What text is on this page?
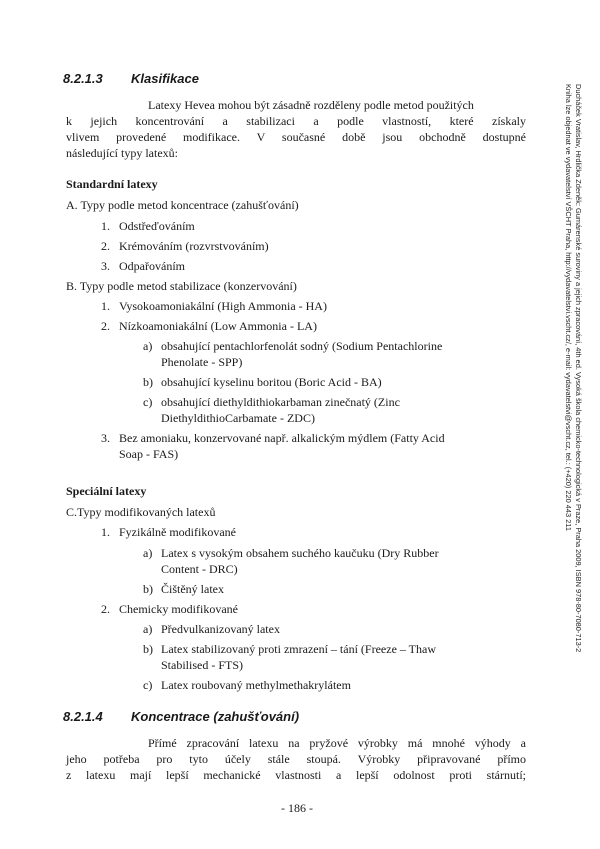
Ducháček Vratislav, Hrdlička Zdeněk: Gumárenské suroviny a jejich zpracování, 4th ed. Vysoká škola chemicko-technologická v Praze, Praha 2009, ISBN 978-80-7080-713-2
Kniha lze objednat ve vydavatelství VŠCHT Praha, http://vydavatelstvi.vscht.cz/, e-mail: vydavatelstvi@vscht.cz, tel.: (+420) 220 443 211
8.2.1.3 Klasifikace
Latexy Hevea mohou být zásadně rozděleny podle metod použitých
k jejich koncentrování a stabilizaci a podle vlastností, které získaly
vlivem provedené modifikace. V současné době jsou obchodně dostupné
následující typy latexů:
Standardní latexy
A. Typy podle metod koncentrace (zahušťování)
1. Odstřeďováním
2. Krémováním (rozvrstvováním)
3. Odpařováním
B. Typy podle metod stabilizace (konzervování)
1. Vysokoamoniakální (High Ammonia - HA)
2. Nízkoamoniakální (Low Ammonia - LA)
a) obsahující pentachlorfenolát sodný (Sodium Pentachlorine
Phenolate - SPP)
b) obsahující kyselinu boritou (Boric Acid - BA)
c) obsahující diethyldithiokarbaman zinečnatý (Zinc
DiethyldithioCarbamate - ZDC)
3. Bez amoniaku, konzervované např. alkalickým mýdlem (Fatty Acid
Soap - FAS)
Speciální latexy
C.Typy modifikovaných latexů
1. Fyzikálně modifikované
a) Latex s vysokým obsahem suchého kaučuku (Dry Rubber
Content - DRC)
b) Čištěný latex
2. Chemicky modifikované
a) Předvulkanizovaný latex
b) Latex stabilizovaný proti zmrazení – tání (Freeze – Thaw
Stabilised - FTS)
c) Latex roubovaný methylmethakrylátem
8.2.1.4 Koncentrace (zahušťování)
Přímé zpracování latexu na pryžové výrobky má mnohé výhody a
jeho potřeba pro tyto účely stále stoupá. Výrobky připravované přímo
z latexu mají lepší mechanické vlastnosti a lepší odolnost proti stárnutí;
- 186 -
